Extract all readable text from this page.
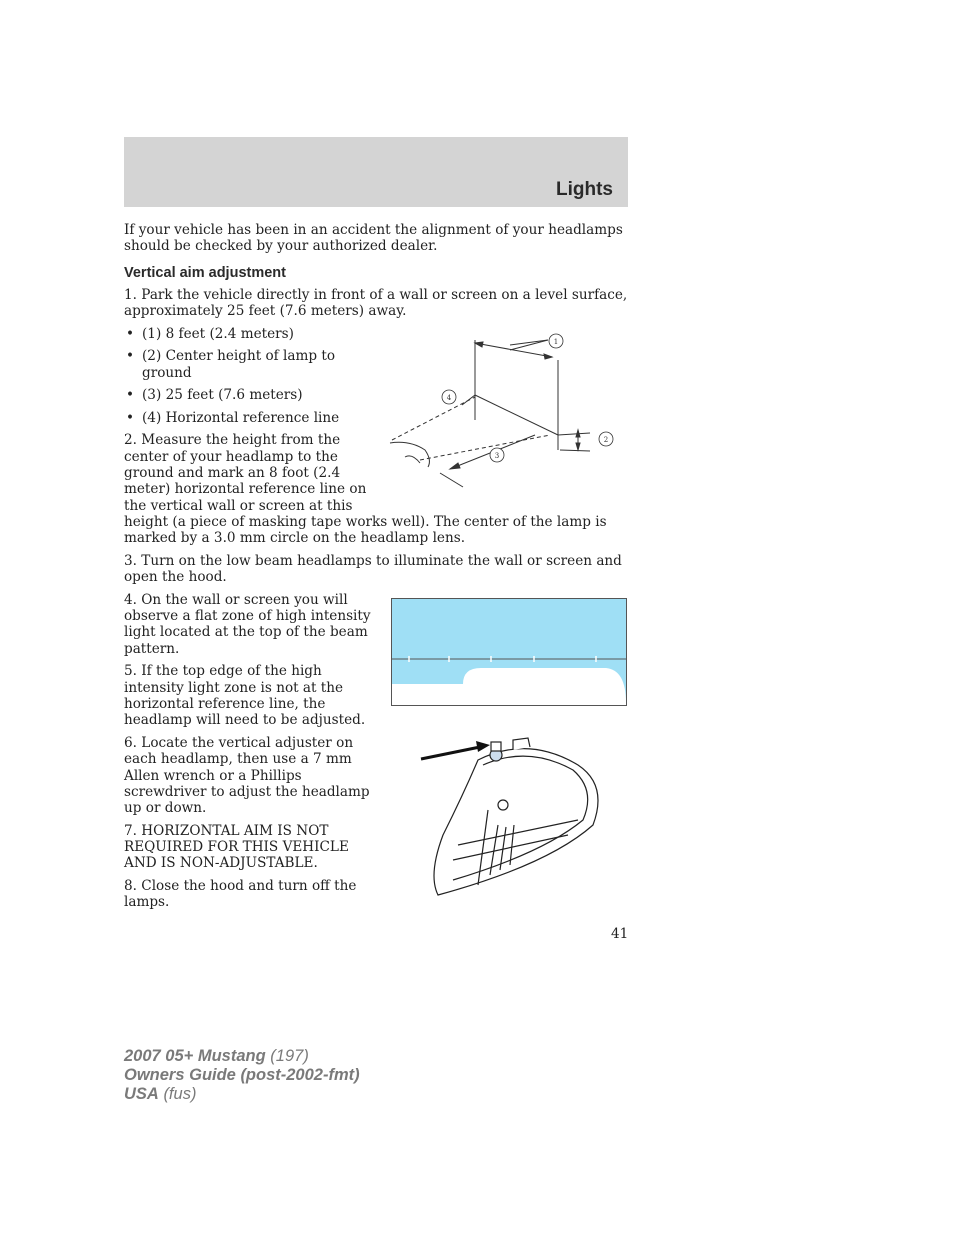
Lights

If your vehicle has been in an accident the alignment of your headlamps

should be checked by your authorized dealer.

Vertical aim adjustment

1. Park the vehicle directly in front of a wall or screen on a level surface,

approximately 25 feet (7.6 meters) away.

• (1) 8 feet (2.4 meters)
• (2) Center height of lamp to
ground
• (3) 25 feet (7.6 meters)
• (4) Horizontal reference line

2. Measure the height from the

center of your headlamp to the

ground and mark an 8 foot (2.4

meter) horizontal reference line on

the vertical wall or screen at this

height (a piece of masking tape works well). The center of the lamp is

marked by a 3.0 mm circle on the headlamp lens.

3. Turn on the low beam headlamps to illuminate the wall or screen and

open the hood.

4. On the wall or screen you will

observe a flat zone of high intensity

light located at the top of the beam

pattern.

5. If the top edge of the high

intensity light zone is not at the

horizontal reference line, the

headlamp will need to be adjusted.

6. Locate the vertical adjuster on

each headlamp, then use a 7 mm

Allen wrench or a Phillips

screwdriver to adjust the headlamp

up or down.

7. HORIZONTAL AIM IS NOT

REQUIRED FOR THIS VEHICLE

AND IS NON-ADJUSTABLE.

8. Close the hood and turn off the

lamps.

1
2
3
4
41
2007 05+ Mustang (197)
Owners Guide (post-2002-fmt)
USA (fus)
